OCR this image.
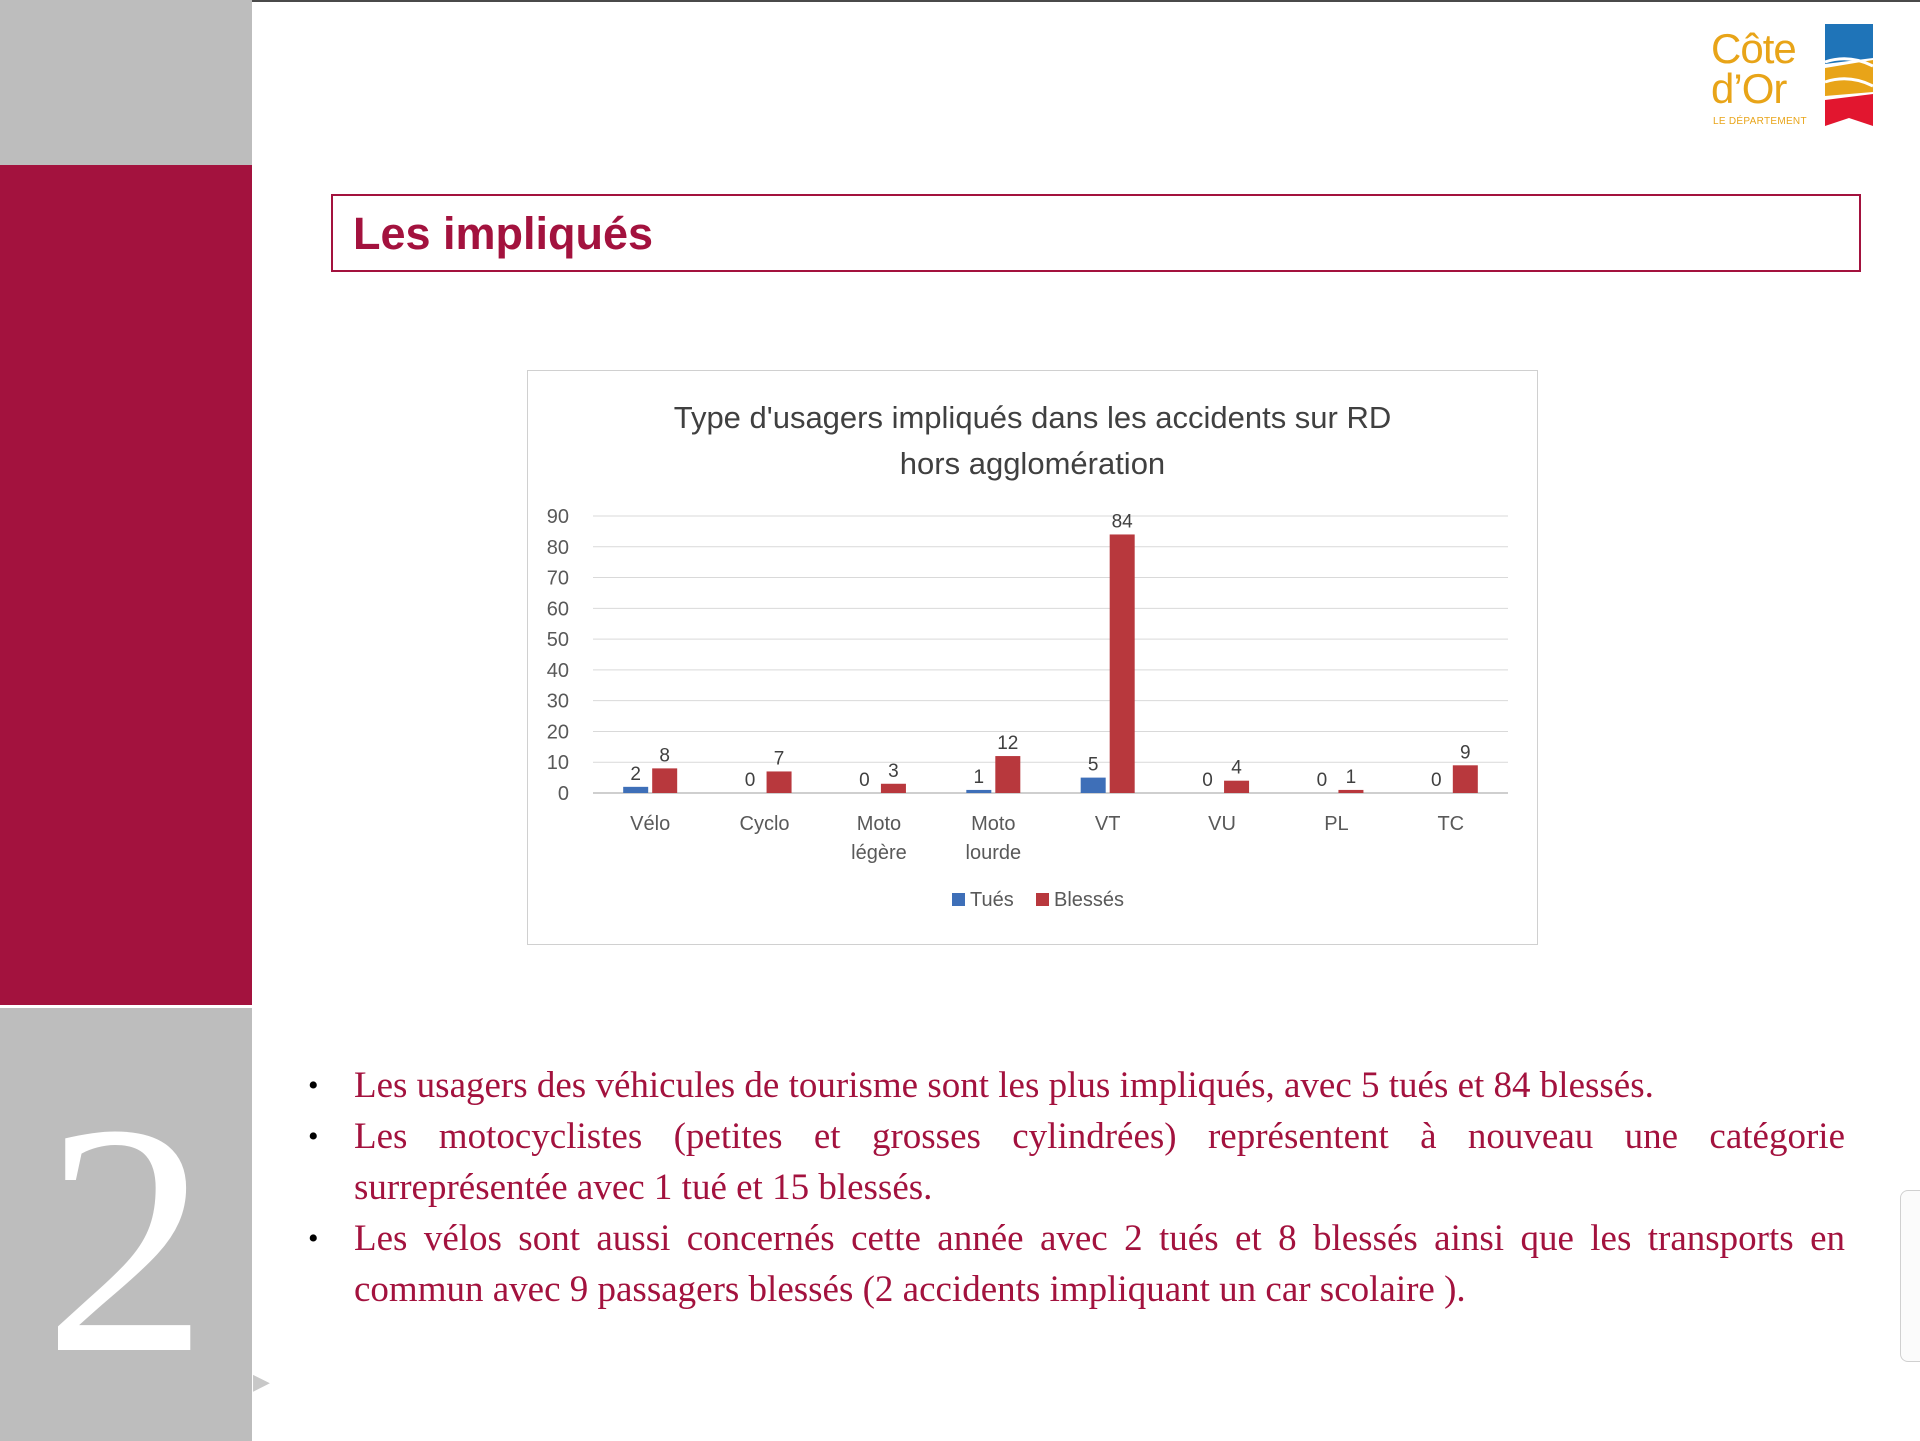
2	▶
Côte
d’Or
LE DÉPARTEMENT
Les impliqués
Type d'usagers impliqués dans les accidents sur RD
hors agglomération
0
10
20
30
40
50
60
70
80
90
2
8
Vélo
0
7
Cyclo
0 3
Moto
légère
1
12
Moto
lourde
5
84
VT
0
4
VU
0 1
PL
0
9
TC
Tués Blessés
• Les usagers des véhicules de tourisme sont les plus impliqués, avec 5 tués et 84 blessés.
• Les motocyclistes (petites et grosses cylindrées) représentent à nouveau une catégorie surreprésentée avec 1 tué et 15 blessés.
• Les vélos sont aussi concernés cette année avec 2 tués et 8 blessés ainsi que les transports en commun avec 9 passagers blessés (2 accidents impliquant un car scolaire ).
